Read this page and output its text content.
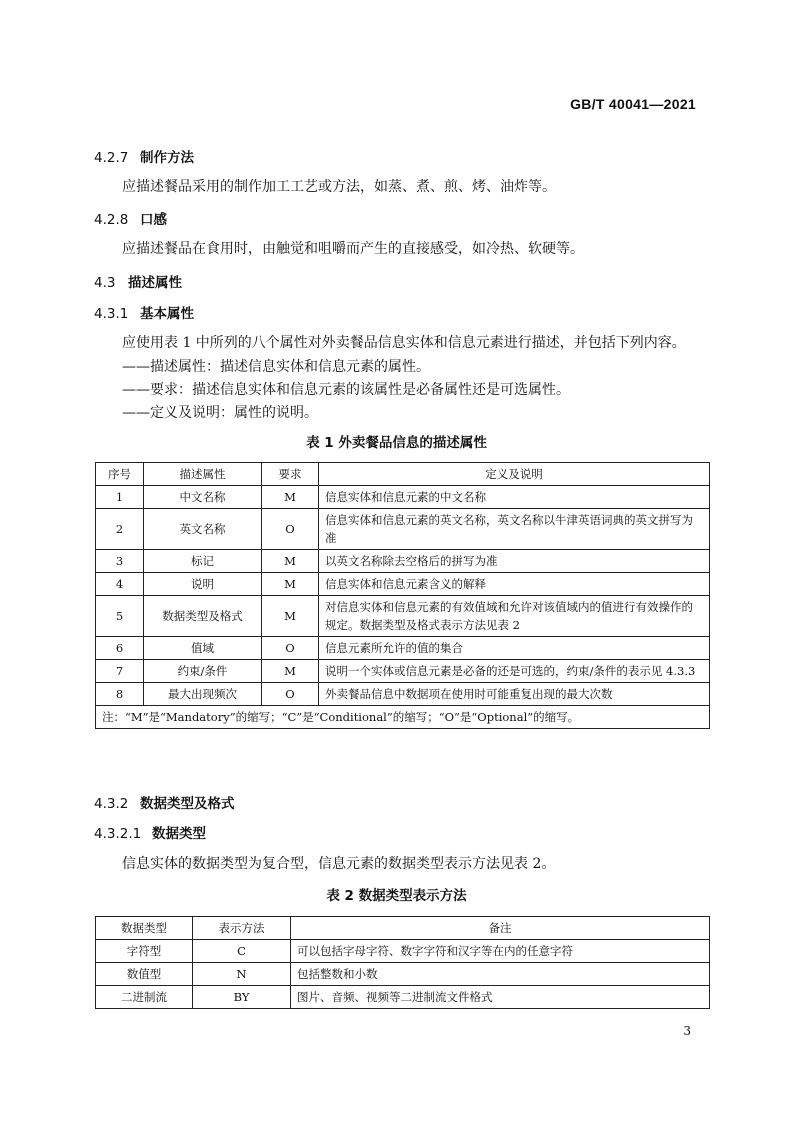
GB/T 40041—2021
4.2.7 制作方法
应描述餐品采用的制作加工工艺或方法，如蒸、煮、煎、烤、油炸等。
4.2.8 口感
应描述餐品在食用时，由触觉和咀嚼而产生的直接感受，如冷热、软硬等。
4.3 描述属性
4.3.1 基本属性
应使用表 1 中所列的八个属性对外卖餐品信息实体和信息元素进行描述，并包括下列内容。
——描述属性：描述信息实体和信息元素的属性。
——要求：描述信息实体和信息元素的该属性是必备属性还是可选属性。
——定义及说明：属性的说明。
表 1 外卖餐品信息的描述属性
序号	描述属性	要求	定义及说明
1	中文名称	M	信息实体和信息元素的中文名称
2	英文名称	O	信息实体和信息元素的英文名称，英文名称以牛津英语词典的英文拼写为准
3	标记	M	以英文名称除去空格后的拼写为准
4	说明	M	信息实体和信息元素含义的解释
5	数据类型及格式	M	对信息实体和信息元素的有效值域和允许对该值域内的值进行有效操作的规定。数据类型及格式表示方法见表 2
6	值域	O	信息元素所允许的值的集合
7	约束/条件	M	说明一个实体或信息元素是必备的还是可选的，约束/条件的表示见 4.3.3
8	最大出现频次	O	外卖餐品信息中数据项在使用时可能重复出现的最大次数
注：“M”是“Mandatory”的缩写；“C”是“Conditional”的缩写；“O”是“Optional”的缩写。			
4.3.2 数据类型及格式
4.3.2.1 数据类型
信息实体的数据类型为复合型，信息元素的数据类型表示方法见表 2。
表 2 数据类型表示方法
数据类型	表示方法	备注
字符型	C	可以包括字母字符、数字字符和汉字等在内的任意字符
数值型	N	包括整数和小数
二进制流	BY	图片、音频、视频等二进制流文件格式
3
